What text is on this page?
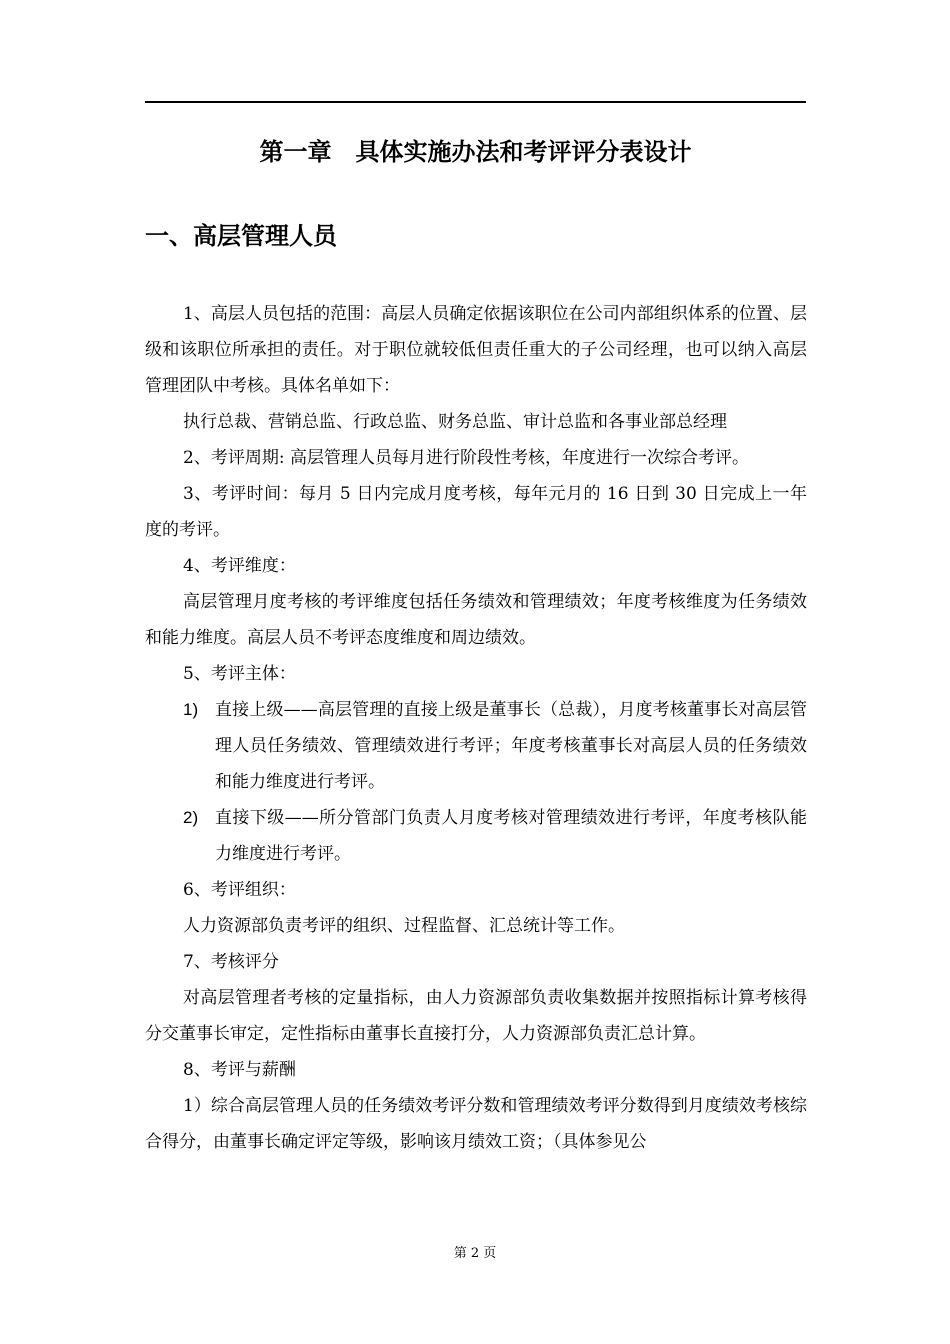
第一章　具体实施办法和考评评分表设计
一、高层管理人员

1、高层人员包括的范围：高层人员确定依据该职位在公司内部组织体系的位置、层级和该职位所承担的责任。对于职位就较低但责任重大的子公司经理，也可以纳入高层管理团队中考核。具体名单如下：

执行总裁、营销总监、行政总监、财务总监、审计总监和各事业部总经理

2、考评周期: 高层管理人员每月进行阶段性考核，年度进行一次综合考评。

3、考评时间：每月 5 日内完成月度考核，每年元月的 16 日到 30 日完成上一年度的考评。

4、考评维度：

高层管理月度考核的考评维度包括任务绩效和管理绩效；年度考核维度为任务绩效和能力维度。高层人员不考评态度维度和周边绩效。

5、考评主体：

1) 直接上级——高层管理的直接上级是董事长（总裁），月度考核董事长对高层管理人员任务绩效、管理绩效进行考评；年度考核董事长对高层人员的任务绩效和能力维度进行考评。
2) 直接下级——所分管部门负责人月度考核对管理绩效进行考评，年度考核队能力维度进行考评。

6、考评组织：

人力资源部负责考评的组织、过程监督、汇总统计等工作。

7、考核评分

对高层管理者考核的定量指标，由人力资源部负责收集数据并按照指标计算考核得分交董事长审定，定性指标由董事长直接打分，人力资源部负责汇总计算。

8、考评与薪酬

1）综合高层管理人员的任务绩效考评分数和管理绩效考评分数得到月度绩效考核综合得分，由董事长确定评定等级，影响该月绩效工资；（具体参见公

第 2 页
